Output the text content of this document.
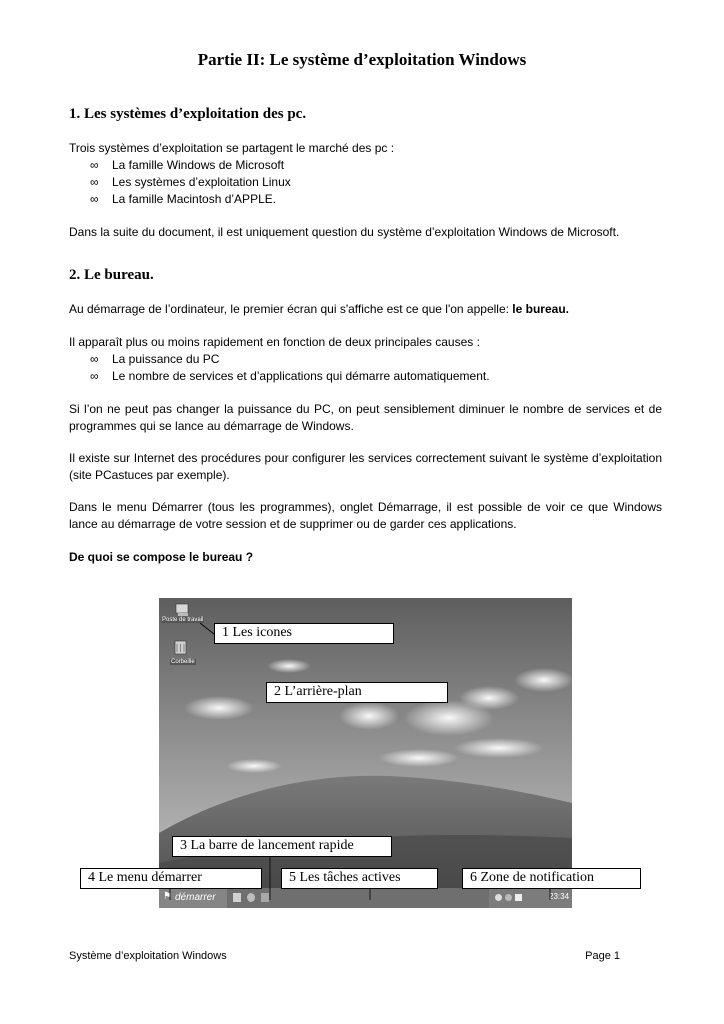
Partie II: Le système d’exploitation Windows
1. Les systèmes d’exploitation des pc.
Trois systèmes d’exploitation se partagent le marché des pc :
∞ La famille Windows de Microsoft
∞ Les systèmes d’exploitation Linux
∞ La famille Macintosh d’APPLE.
Dans la suite du document, il est uniquement question du système d’exploitation Windows de Microsoft.
2. Le bureau.
Au démarrage de l’ordinateur, le premier écran qui s'affiche est ce que l'on appelle: le bureau.
Il apparaît plus ou moins rapidement en fonction de deux principales causes :
∞ La puissance du PC
∞ Le nombre de services et d’applications qui démarre automatiquement.
Si l’on ne peut pas changer la puissance du PC, on peut sensiblement diminuer le nombre de services et de programmes qui se lance au démarrage de Windows.
Il existe sur Internet des procédures pour configurer les services correctement suivant le système d’exploitation (site PCastuces par exemple).
Dans le menu Démarrer (tous les programmes), onglet Démarrage, il est possible de voir ce que Windows lance au démarrage de votre session et de supprimer ou de garder ces applications.
De quoi se compose le bureau ?
Poste de travail
Corbeille
⚑ démarrer	23:34
1 Les icones
2 L’arrière-plan
3 La barre de lancement rapide
4 Le menu démarrer	5 Les tâches actives	6 Zone de notification
Système d’exploitation Windows	Page 1
